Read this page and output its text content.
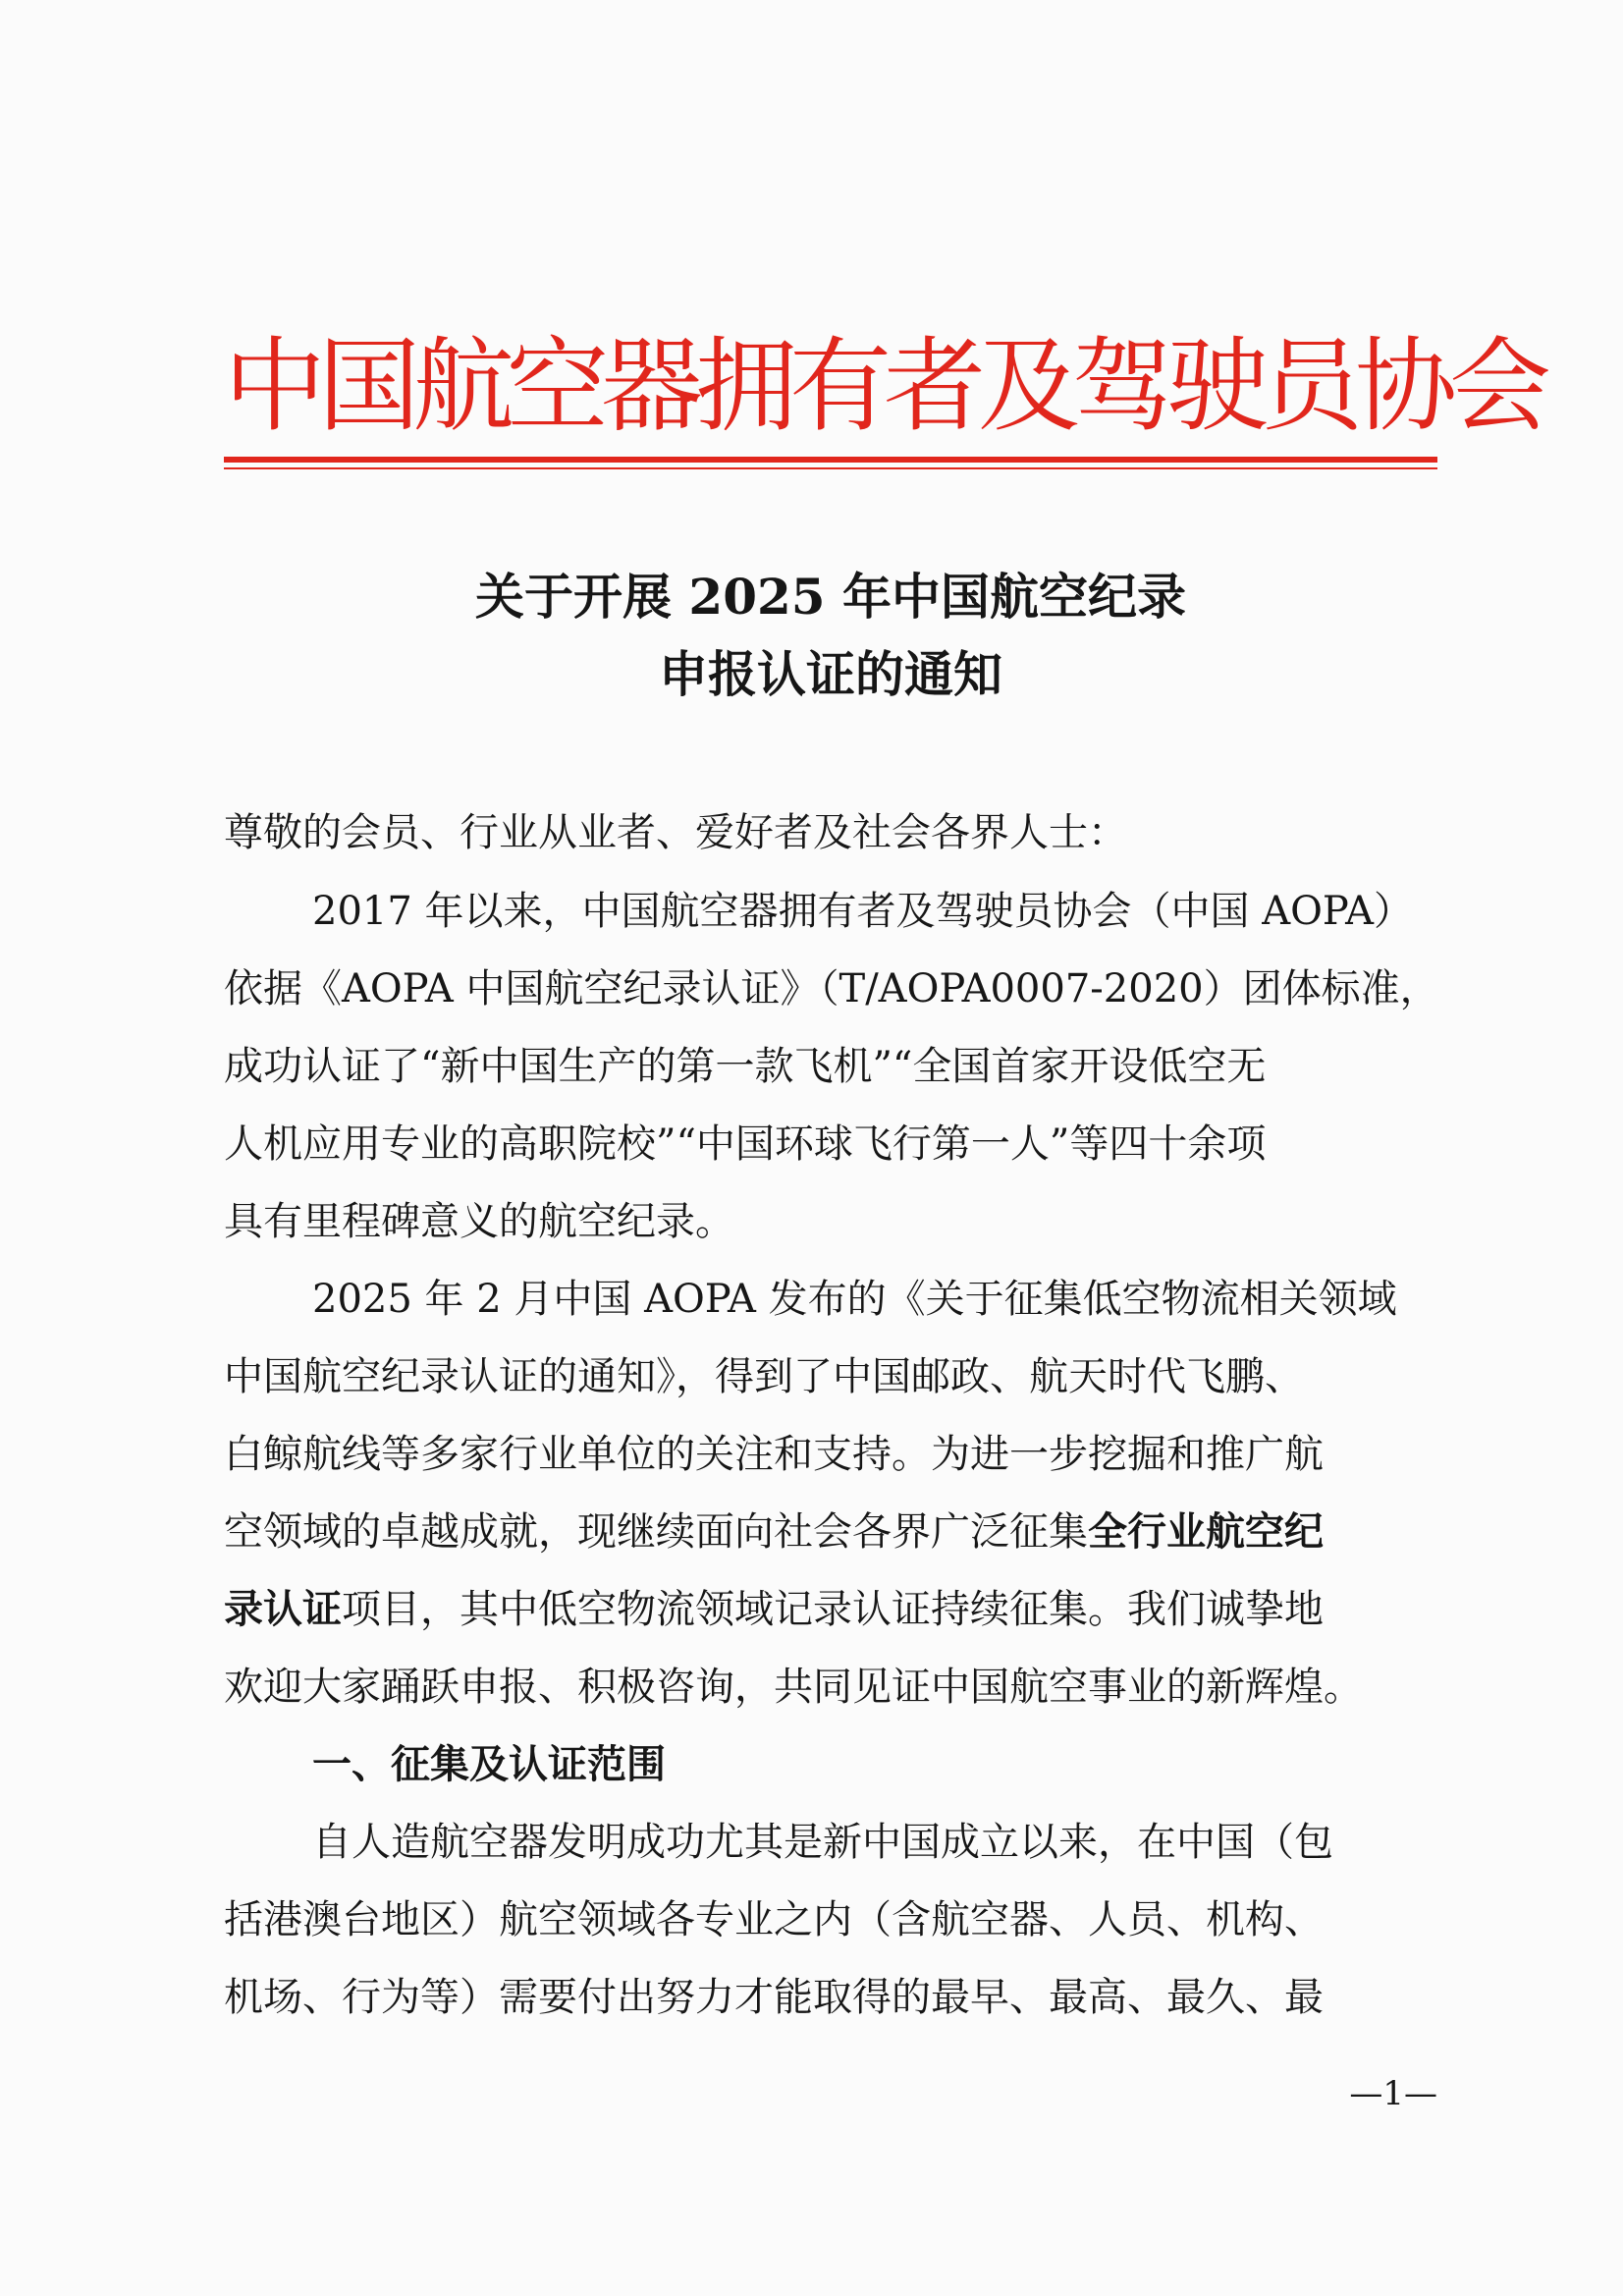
中国航空器拥有者及驾驶员协会
关于开展 2025 年中国航空纪录
申报认证的通知
尊敬的会员、行业从业者、爱好者及社会各界人士：
2017 年以来，中国航空器拥有者及驾驶员协会（中国 AOPA）
依据《AOPA 中国航空纪录认证》（T/AOPA0007-2020）团体标准，
成功认证了“新中国生产的第一款飞机”“全国首家开设低空无
人机应用专业的高职院校”“中国环球飞行第一人”等四十余项
具有里程碑意义的航空纪录。
2025 年 2 月中国 AOPA 发布的《关于征集低空物流相关领域
中国航空纪录认证的通知》，得到了中国邮政、航天时代飞鹏、
白鲸航线等多家行业单位的关注和支持。为进一步挖掘和推广航
空领域的卓越成就，现继续面向社会各界广泛征集全行业航空纪
录认证项目，其中低空物流领域记录认证持续征集。我们诚挚地
欢迎大家踊跃申报、积极咨询，共同见证中国航空事业的新辉煌。
一、征集及认证范围
自人造航空器发明成功尤其是新中国成立以来，在中国（包
括港澳台地区）航空领域各专业之内（含航空器、人员、机构、
机场、行为等）需要付出努力才能取得的最早、最高、最久、最
—1—
